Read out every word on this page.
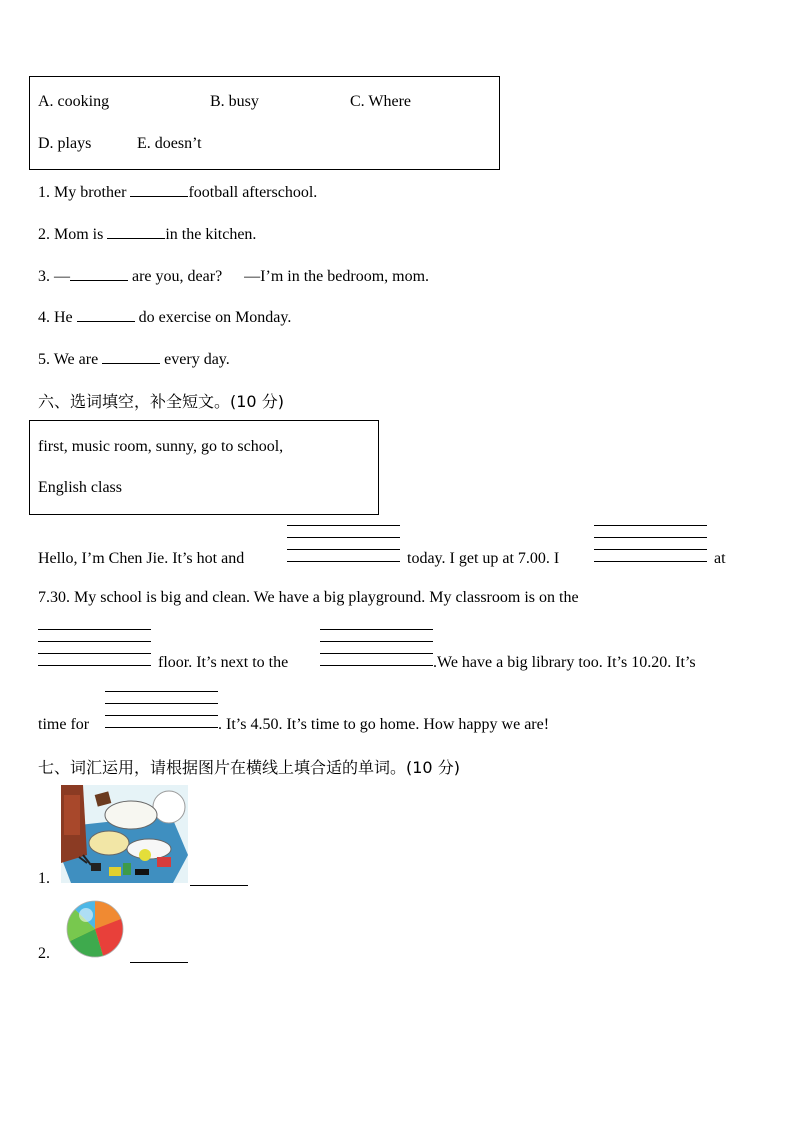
A. cooking	B. busy	C. Where
D. plays	E. doesn’t
1. My brother	football afterschool.
2. Mom is	in the kitchen.
3. —	are you, dear? —I’m in the bedroom, mom.
4. He	do exercise on Monday.
5. We are	every day.
六、选词填空，补全短文。(10 分)
first, music room, sunny, go to school,
English class
Hello, I’m Chen Jie. It’s hot and	today. I get up at 7.00. I	at
7.30. My school is big and clean. We have a big playground. My classroom is on the
floor. It’s next to the	.We have a big library too. It’s 10.20. It’s
time for	. It’s 4.50. It’s time to go home. How happy we are!
七、词汇运用，请根据图片在横线上填合适的单词。(10 分)
1.
2.
